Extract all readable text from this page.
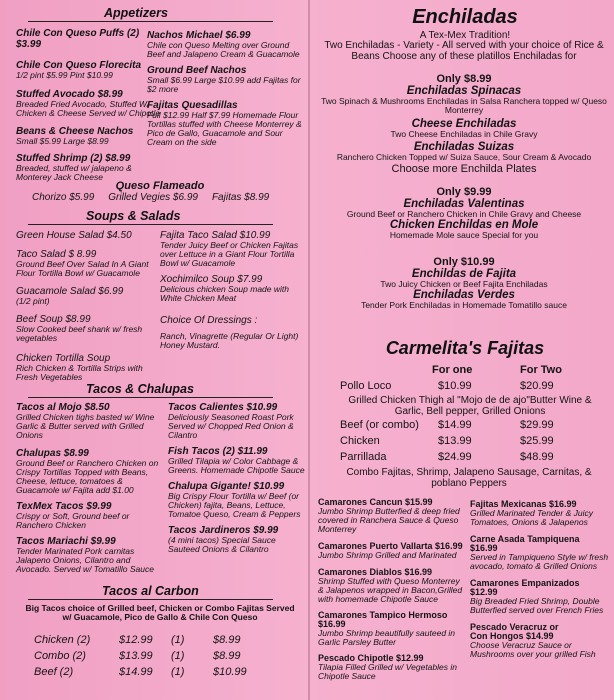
Appetizers
Chile Con Queso Puffs (2) $3.99
Chile Con Queso Florecita
1/2 pint $5.99 Pint $10.99
Stuffed Avocado $8.99
Breaded Fried Avocado, Stuffed W/ Chicken & Cheese Served w/ Chipotle
Beans & Cheese Nachos
Small $5.99 Large $8.99
Stuffed Shrimp (2) $8.99
Breaded, stuffed w/ jalapeno & Monterey Jack Cheese
Nachos Michael $6.99
Chile con Queso Melting over Ground Beef and Jalapeno Cream & Guacamole
Ground Beef Nachos
Small $6.99 Large $10.99 add Fajitas for $2 more
Fajitas Quesadillas
Full $12.99 Half $7.99 Homemade Flour Tortillas stuffed with Cheese Monterrey & Pico de Gallo, Guacamole and Sour Cream on the side
Queso Flameado
Chorizo $5.99 Grilled Vegies $6.99 Fajitas $8.99
Soups & Salads
Green House Salad $4.50
Taco Salad $ 8.99
Ground Beef Over Salad In A Giant Flour Tortilla Bowl w/ Guacamole
Guacamole Salad $6.99
(1/2 pint)
Beef Soup $8.99
Slow Cooked beef shank w/ fresh vegetables
Chicken Tortilla Soup
Rich Chicken & Tortilla Strips with Fresh Vegetables
Fajita Taco Salad $10.99
Tender Juicy Beef or Chicken Fajitas over Lettuce in a Giant Flour Tortilla Bowl w/ Guacamole
Xochimilco Soup $7.99
Delicious chicken Soup made with White Chicken Meat
Choice Of Dressings :
Ranch, Vinagrette (Regular Or Light) Honey Mustard.
Tacos & Chalupas
Tacos al Mojo $8.50
Grilled Chicken tighs basted w/ Wine Garlic & Butter served with Grilled Onions
Chalupas $8.99
Ground Beef or Ranchero Chicken on Crispy Tortillas Topped with Beans, Cheese, lettuce, tomatoes & Guacamole w/ Fajita add $1.00
TexMex Tacos $9.99
Crispy or Soft, Ground beef or Ranchero Chicken
Tacos Mariachi $9.99
Tender Marinated Pork carnitas Jalapeno Onions, Cilantro and Avocado. Served w/ Tomatillo Sauce
Tacos Calientes $10.99
Deliciously Seasoned Roast Pork Served w/ Chopped Red Onion & Cilantro
Fish Tacos (2) $11.99
Grilled Tilapia w/ Color Cabbage & Greens. Homemade Chipotle Sauce
Chalupa Gigante! $10.99
Big Crispy Flour Tortilla w/ Beef (or Chicken) fajita, Beans, Lettuce, Tomatoe Queso, Cream & Peppers
Tacos Jardineros $9.99
(4 mini tacos) Special Sauce Sauteed Onions & Cilantro
Tacos al Carbon
Big Tacos choice of Grilled beef, Chicken or Combo Fajitas Served w/ Guacamole, Pico de Gallo & Chile Con Queso
Chicken (2)	$12.99	(1)	$8.99
Combo (2)	$13.99	(1)	$8.99
Beef (2)	$14.99	(1)	$10.99
Enchiladas
A Tex-Mex Tradition!
Two Enchiladas - Variety - All served with your choice of Rice & Beans Choose any of these platillos Enchiladas for
Only $8.99
Enchiladas Spinacas
Two Spinach & Mushrooms Enchiladas in Salsa Ranchera topped w/ Queso Monterrey
Cheese Enchiladas
Two Cheese Enchiladas in Chile Gravy
Enchiladas Suizas
Ranchero Chicken Topped w/ Suiza Sauce, Sour Cream & Avocado
Choose more Enchilda Plates
Only $9.99
Enchiladas Valentinas
Ground Beef or Ranchero Chicken in Chile Gravy and Cheese
Chicken Enchildas en Mole
Homemade Mole sauce Special for you
Only $10.99
Enchildas de Fajita
Two Juicy Chicken or Beef Fajita Enchiladas
Enchiladas Verdes
Tender Pork Enchiladas in Homemade Tomatillo sauce
Carmelita's Fajitas
For one	For Two
Pollo Loco	$10.99	$20.99
Grilled Chicken Thigh al "Mojo de de ajo"Butter Wine & Garlic, Bell pepper, Grilled Onions
Beef (or combo)	$14.99	$29.99
Chicken	$13.99	$25.99
Parrillada	$24.99	$48.99
Combo Fajitas, Shrimp, Jalapeno Sausage, Carnitas, & poblano Peppers
Camarones Cancun $15.99
Jumbo Shrimp Butterfied & deep fried covered in Ranchera Sauce & Queso Monterrey
Camarones Puerto Vallarta $16.99
Jumbo Shrimp Grilled and Marinated
Camarones Diablos $16.99
Shrimp Stuffed with Queso Monterrey & Jalapenos wrapped in Bacon,Grilled with homemade Chipotle Sauce
Camarones Tampico Hermoso $16.99
Jumbo Shrimp beautifully sauteed in Garlic Parsley Butter
Pescado Chipotle $12.99
Tilapia Filled Grilled w/ Vegetables in Chipotle Sauce
Fajitas Mexicanas $16.99
Grilled Marinated Tender & Juicy Tomatoes, Onions & Jalapenos
Carne Asada Tampiquena
$16.99
Served in Tampiqueno Style w/ fresh avocado, tomato & Grilled Onions
Camarones Empanizados
$12.99
Big Breaded Fried Shrimp, Double Butterfied served over French Fries
Pescado Veracruz or
Con Hongos $14.99
Choose Veracruz Sauce or Mushrooms over your grilled Fish
